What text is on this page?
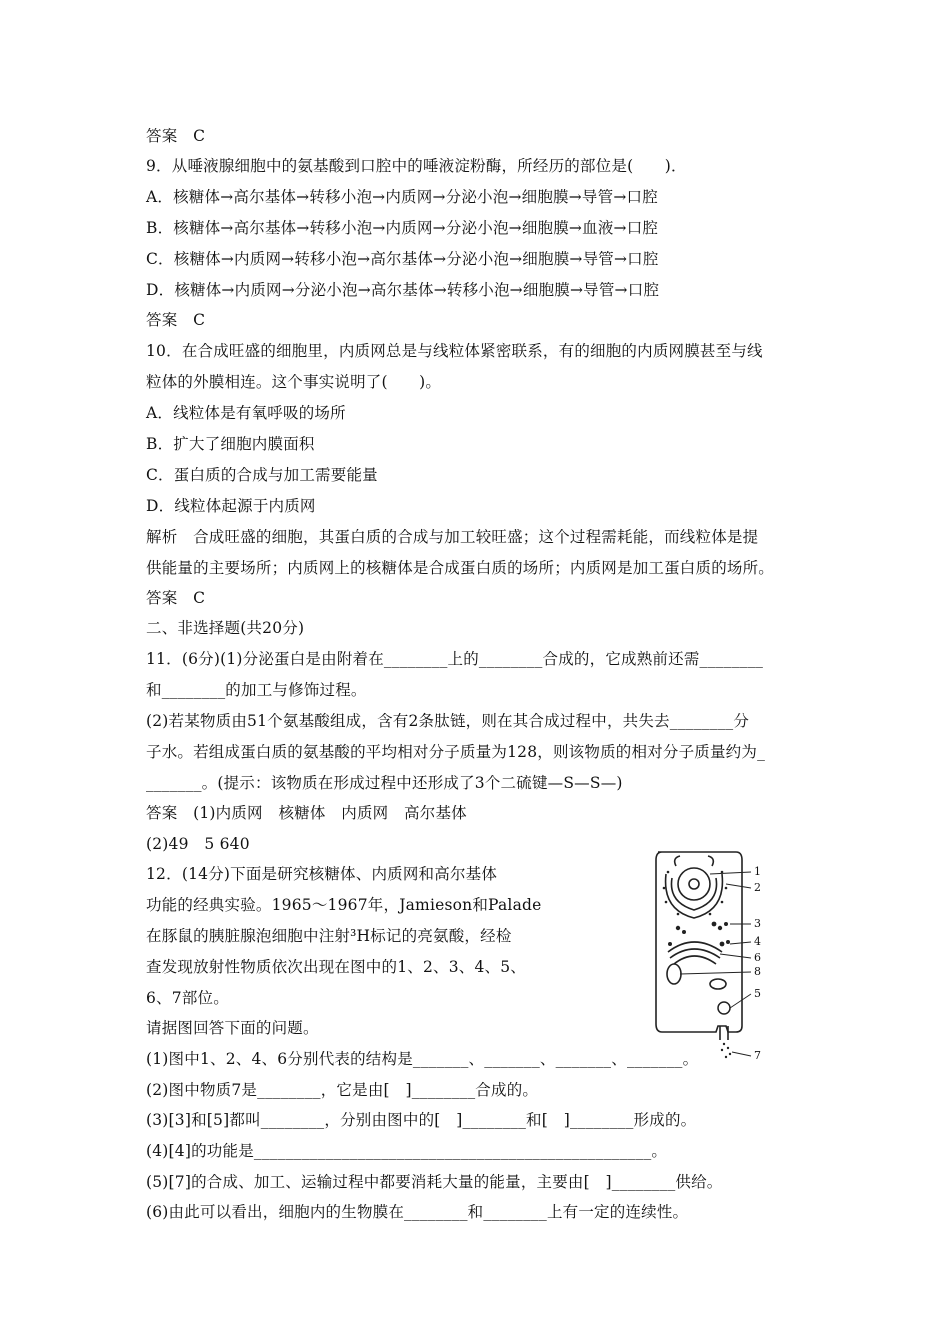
答案　C
9．从唾液腺细胞中的氨基酸到口腔中的唾液淀粉酶，所经历的部位是(　　)．
A．核糖体→高尔基体→转移小泡→内质网→分泌小泡→细胞膜→导管→口腔
B．核糖体→高尔基体→转移小泡→内质网→分泌小泡→细胞膜→血液→口腔
C．核糖体→内质网→转移小泡→高尔基体→分泌小泡→细胞膜→导管→口腔
D．核糖体→内质网→分泌小泡→高尔基体→转移小泡→细胞膜→导管→口腔
答案　C
10．在合成旺盛的细胞里，内质网总是与线粒体紧密联系，有的细胞的内质网膜甚至与线
粒体的外膜相连。这个事实说明了(　　)。
A．线粒体是有氧呼吸的场所
B．扩大了细胞内膜面积
C．蛋白质的合成与加工需要能量
D．线粒体起源于内质网
解析　合成旺盛的细胞，其蛋白质的合成与加工较旺盛；这个过程需耗能，而线粒体是提
供能量的主要场所；内质网上的核糖体是合成蛋白质的场所；内质网是加工蛋白质的场所。
答案　C
二、非选择题(共20分)
11．(6分)(1)分泌蛋白是由附着在________上的________合成的，它成熟前还需________
和________的加工与修饰过程。
(2)若某物质由51个氨基酸组成，含有2条肽链，则在其合成过程中，共失去________分
子水。若组成蛋白质的氨基酸的平均相对分子质量为128，则该物质的相对分子质量约为_
_______。(提示：该物质在形成过程中还形成了3个二硫键—S—S—)
答案　(1)内质网　核糖体　内质网　高尔基体
(2)49　5 640
12．(14分)下面是研究核糖体、内质网和高尔基体
功能的经典实验。1965～1967年，Jamieson和Palade
在豚鼠的胰脏腺泡细胞中注射³H标记的亮氨酸，经检
查发现放射性物质依次出现在图中的1、2、3、4、5、
6、7部位。
请据图回答下面的问题。
(1)图中1、2、4、6分别代表的结构是_______、_______、_______、_______。
(2)图中物质7是________，它是由[　]________合成的。
(3)[3]和[5]都叫________，分别由图中的[　]________和[　]________形成的。
(4)[4]的功能是__________________________________________________。
(5)[7]的合成、加工、运输过程中都要消耗大量的能量，主要由[　]________供给。
(6)由此可以看出，细胞内的生物膜在________和________上有一定的连续性。
1
2
3
4
6
8
5
7
